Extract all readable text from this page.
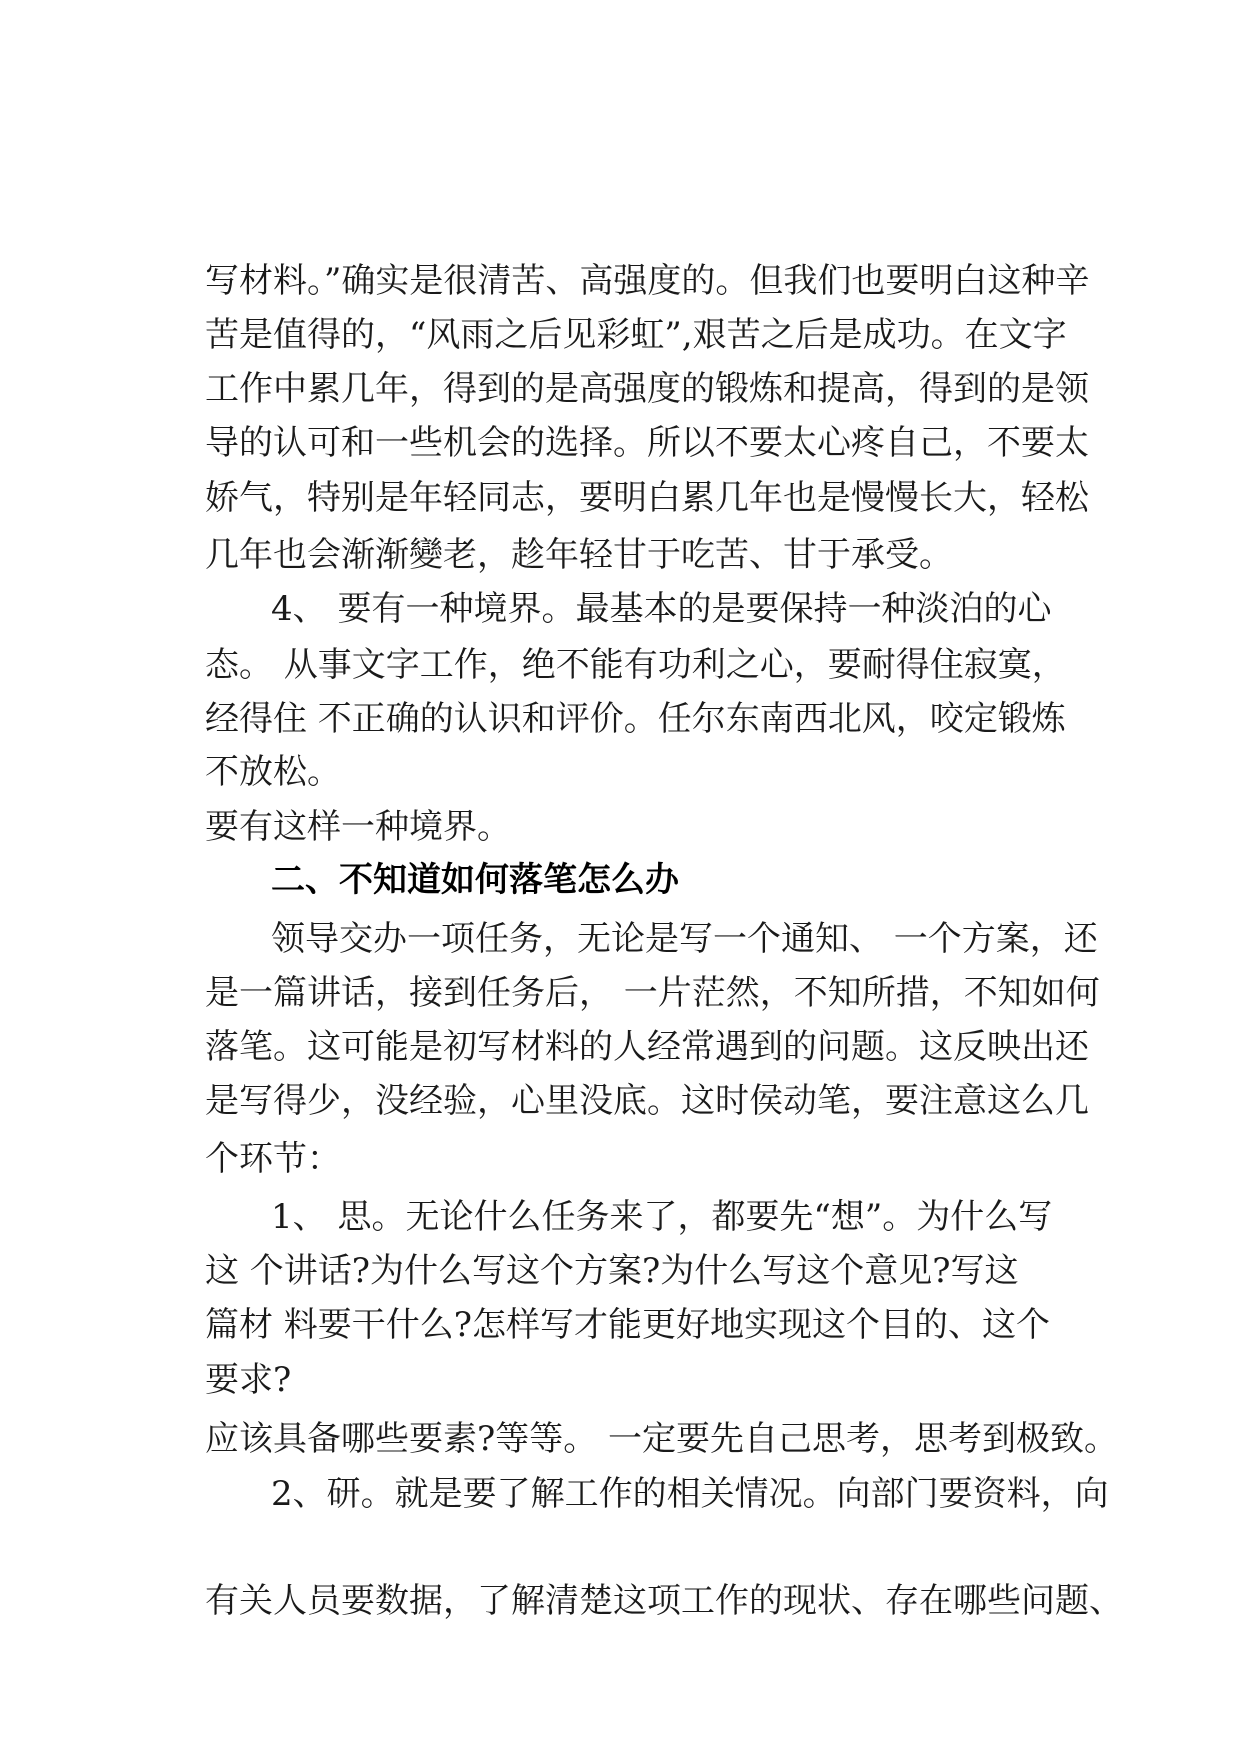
写材料。”确实是很清苦、高强度的。但我们也要明白这种辛

苦是值得的，“风雨之后见彩虹”,艰苦之后是成功。在文字

工作中累几年，得到的是高强度的锻炼和提高，得到的是领

导的认可和一些机会的选择。所以不要太心疼自己，不要太

娇气，特别是年轻同志，要明白累几年也是慢慢长大，轻松

几年也会渐渐變老，趁年轻甘于吃苦、甘于承受。

4、 要有一种境界。最基本的是要保持一种淡泊的心

态。 从事文字工作，绝不能有功利之心，要耐得住寂寞，

经得住 不正确的认识和评价。任尔东南西北风，咬定锻炼

不放松。

要有这样一种境界。

二、不知道如何落笔怎么办

领导交办一项任务，无论是写一个通知、 一个方案，还

是一篇讲话，接到任务后， 一片茫然，不知所措，不知如何

落笔。这可能是初写材料的人经常遇到的问题。这反映出还

是写得少，没经验，心里没底。这时侯动笔，要注意这么几

个环节：

1、 思。无论什么任务来了，都要先“想”。为什么写

这 个讲话?为什么写这个方案?为什么写这个意见?写这

篇材 料要干什么?怎样写才能更好地实现这个目的、这个

要求?

应该具备哪些要素?等等。 一定要先自己思考，思考到极致。

2、研。就是要了解工作的相关情况。向部门要资料，向

有关人员要数据，了解清楚这项工作的现状、存在哪些问题、
